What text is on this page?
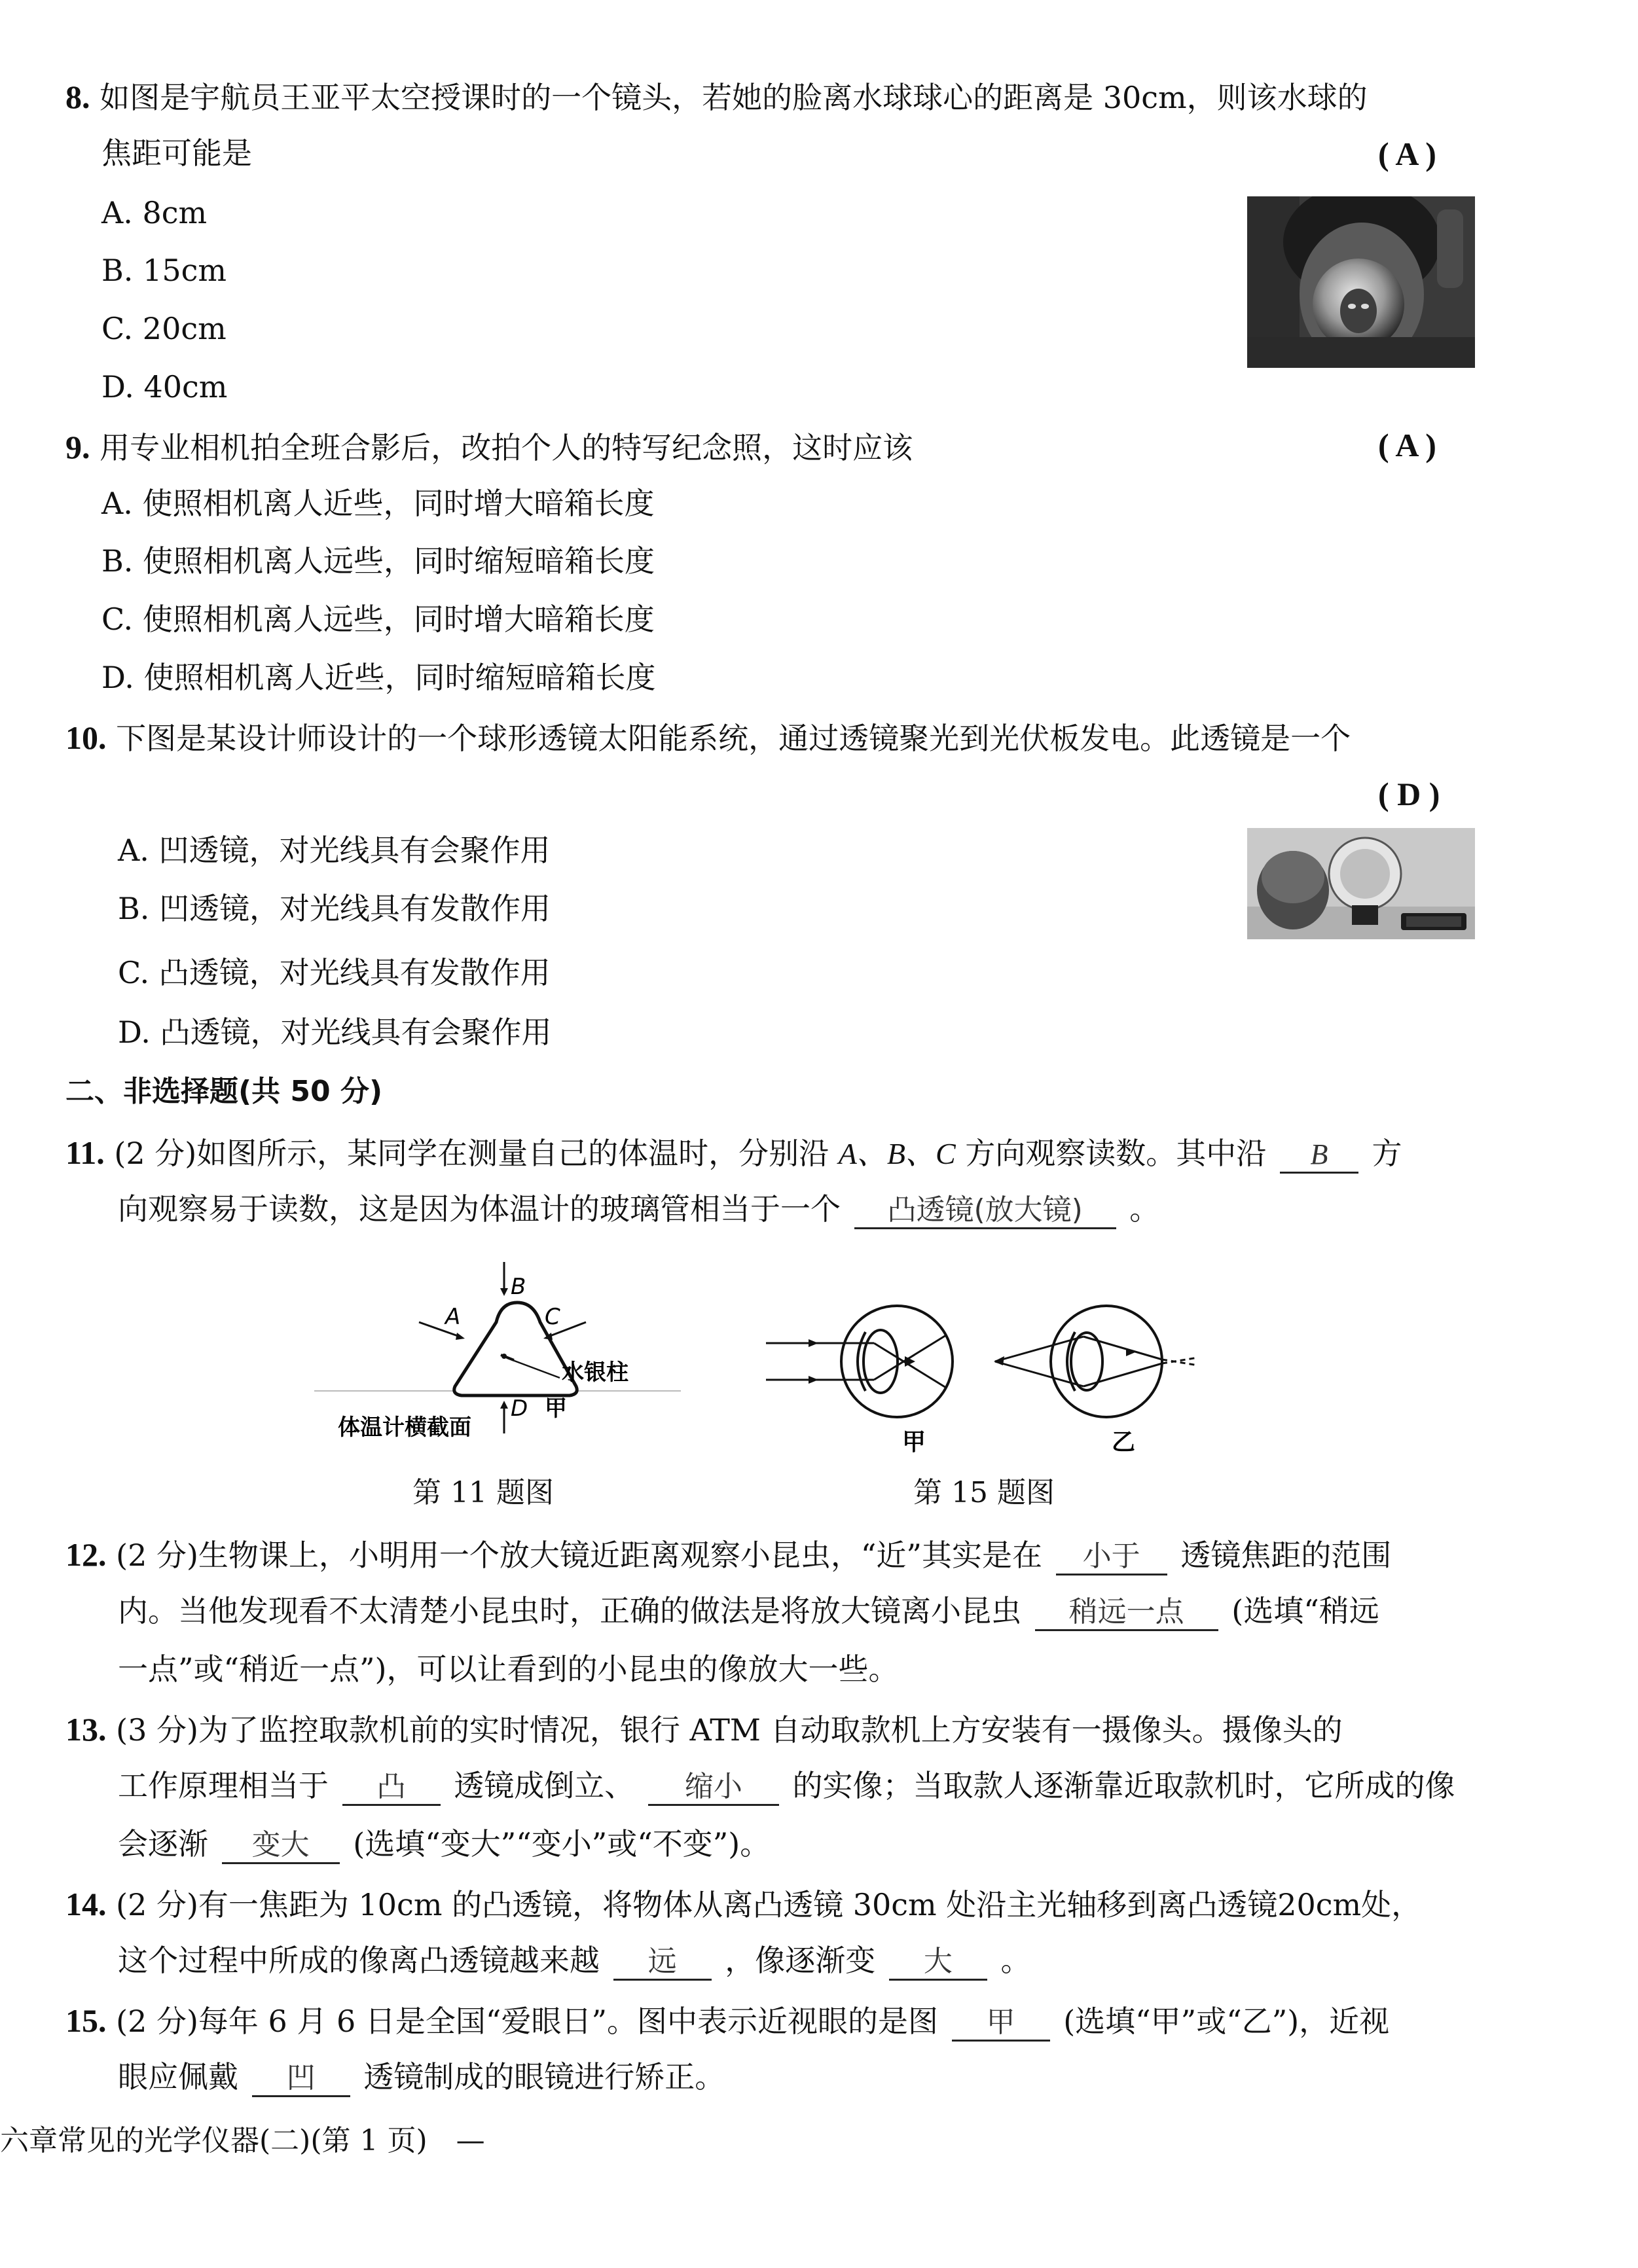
8. 如图是宇航员王亚平太空授课时的一个镜头，若她的脸离水球球心的距离是 30cm，则该水球的
焦距可能是	( A )
A. 8cm
B. 15cm
C. 20cm
D. 40cm
9. 用专业相机拍全班合影后，改拍个人的特写纪念照，这时应该	( A )
A. 使照相机离人近些，同时增大暗箱长度
B. 使照相机离人远些，同时缩短暗箱长度
C. 使照相机离人远些，同时增大暗箱长度
D. 使照相机离人近些，同时缩短暗箱长度
10. 下图是某设计师设计的一个球形透镜太阳能系统，通过透镜聚光到光伏板发电。此透镜是一个
( D )
A. 凹透镜，对光线具有会聚作用
B. 凹透镜，对光线具有发散作用
C. 凸透镜，对光线具有发散作用
D. 凸透镜，对光线具有会聚作用
二、非选择题(共 50 分)
11. (2 分)如图所示，某同学在测量自己的体温时，分别沿 A、B、C 方向观察读数。其中沿 B 方
向观察易于读数，这是因为体温计的玻璃管相当于一个 凸透镜(放大镜) 。
B
A	C
D
水银柱
甲
体温计横截面
第 11 题图
甲	乙
第 15 题图
12. (2 分)生物课上，小明用一个放大镜近距离观察小昆虫，“近”其实是在 小于 透镜焦距的范围
内。当他发现看不太清楚小昆虫时，正确的做法是将放大镜离小昆虫 稍远一点 (选填“稍远
一点”或“稍近一点”)，可以让看到的小昆虫的像放大一些。
13. (3 分)为了监控取款机前的实时情况，银行 ATM 自动取款机上方安装有一摄像头。摄像头的
工作原理相当于 凸 透镜成倒立、 缩小 的实像；当取款人逐渐靠近取款机时，它所成的像
会逐渐 变大 (选填“变大”“变小”或“不变”)。
14. (2 分)有一焦距为 10cm 的凸透镜，将物体从离凸透镜 30cm 处沿主光轴移到离凸透镜20cm处，
这个过程中所成的像离凸透镜越来越 远 ，像逐渐变 大 。
15. (2 分)每年 6 月 6 日是全国“爱眼日”。图中表示近视眼的是图 甲 (选填“甲”或“乙”)，近视
眼应佩戴 凹 透镜制成的眼镜进行矫正。
六章常见的光学仪器(二)(第 1 页)　—
